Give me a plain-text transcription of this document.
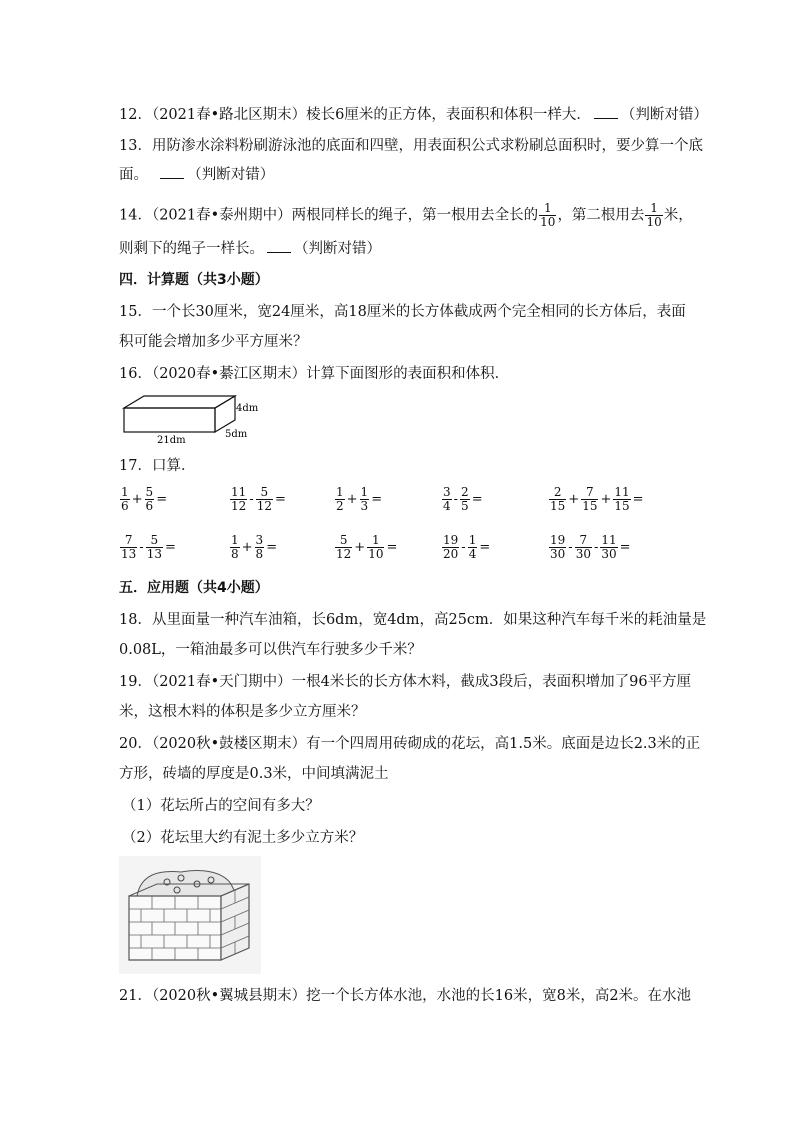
12．（2021春•路北区期末）棱长6厘米的正方体，表面积和体积一样大． （判断对错）
13．用防渗水涂料粉刷游泳池的底面和四壁，用表面积公式求粉刷总面积时，要少算一个底
面。	（判断对错）
14．（2021春•泰州期中）两根同样长的绳子，第一根用去全长的 $\frac{1}{10}$ ，第二根用去 $\frac{1}{10}$ 米，
则剩下的绳子一样长。 （判断对错）
四．计算题（共3小题）
15．一个长30厘米，宽24厘米，高18厘米的长方体截成两个完全相同的长方体后，表面
积可能会增加多少平方厘米？
16．（2020春•綦江区期末）计算下面图形的表面积和体积．
4dm
21dm
5dm
17．口算．
$\frac{1}{6} + \frac{5}{6}$ =	$\frac{11}{12} - \frac{5}{12}$ =	$\frac{1}{2} + \frac{1}{3}$ =	$\frac{3}{4} - \frac{2}{5}$ =	$\frac{2}{15} + \frac{7}{15} + \frac{11}{15}$ =
$\frac{7}{13} - \frac{5}{13}$ =	$\frac{1}{8} + \frac{3}{8}$ =	$\frac{5}{12} + \frac{1}{10}$ =	$\frac{19}{20} - \frac{1}{4}$ =	$\frac{19}{30} - \frac{7}{30} - \frac{11}{30}$ =
五．应用题（共4小题）
18．从里面量一种汽车油箱，长6dm，宽4dm，高25cm．如果这种汽车每千米的耗油量是
0.08L，一箱油最多可以供汽车行驶多少千米？
19．（2021春•天门期中）一根4米长的长方体木料，截成3段后，表面积增加了96平方厘
米，这根木料的体积是多少立方厘米？
20．（2020秋•鼓楼区期末）有一个四周用砖砌成的花坛，高1.5米。底面是边长2.3米的正
方形，砖墙的厚度是0.3米，中间填满泥土
（1）花坛所占的空间有多大？
（2）花坛里大约有泥土多少立方米？
21．（2020秋•翼城县期末）挖一个长方体水池，水池的长16米，宽8米，高2米。在水池
